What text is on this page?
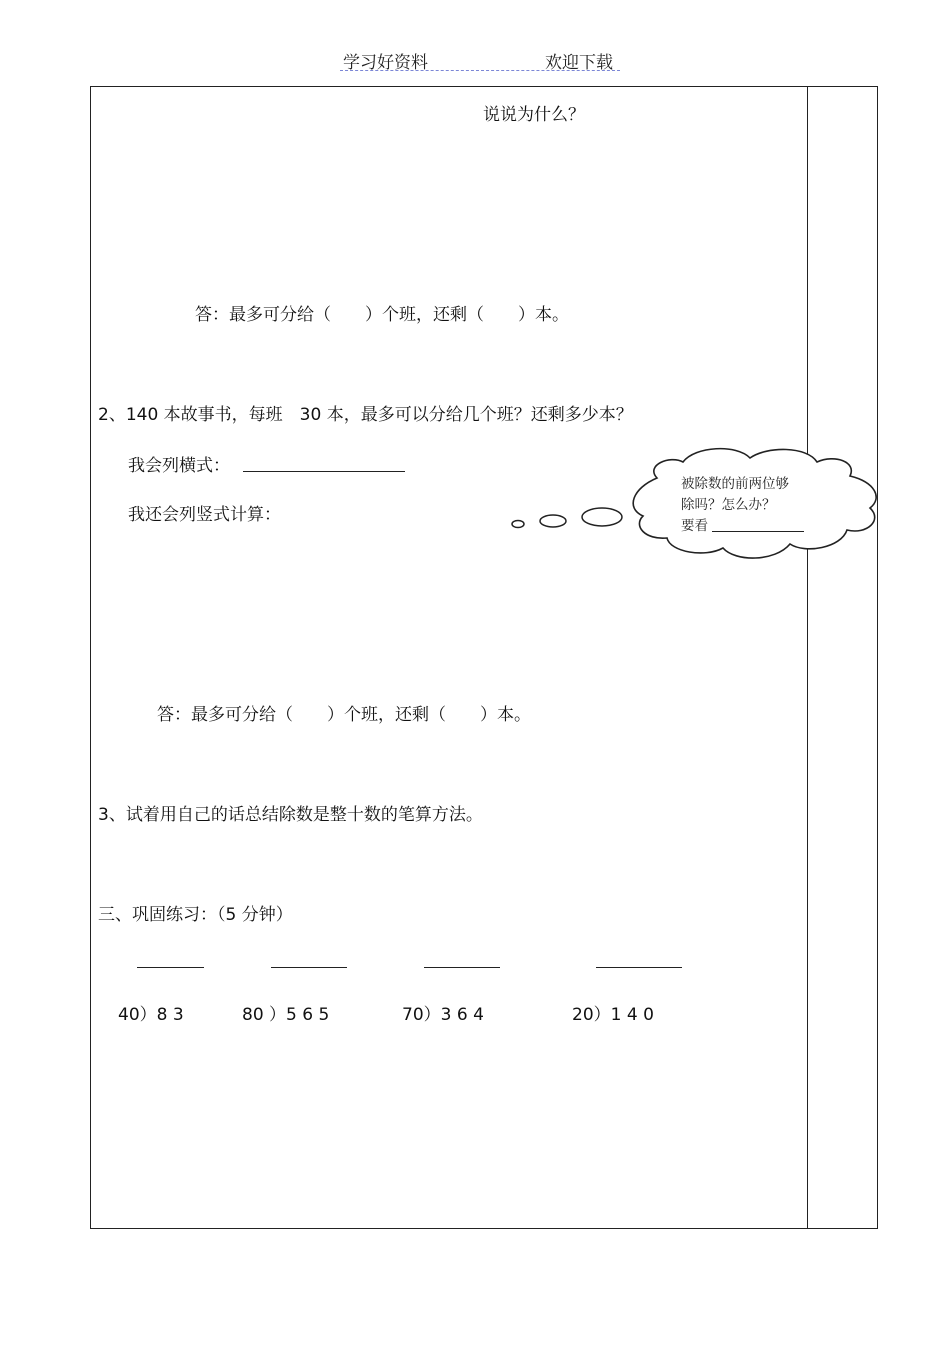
学习好资料	欢迎下载
说说为什么？
答：最多可分给（　　）个班，还剩（　　）本。
2、140 本故事书，每班　30 本，最多可以分给几个班？还剩多少本？
我会列横式：
我还会列竖式计算：
被除数的前两位够
除吗？怎么办？
要看
答：最多可分给（　　）个班，还剩（　　）本。
3、试着用自己的话总结除数是整十数的笔算方法。
三、巩固练习：（5 分钟）
40）8 3	80 ）5 6 5	70）3 6 4	20）1 4 0
